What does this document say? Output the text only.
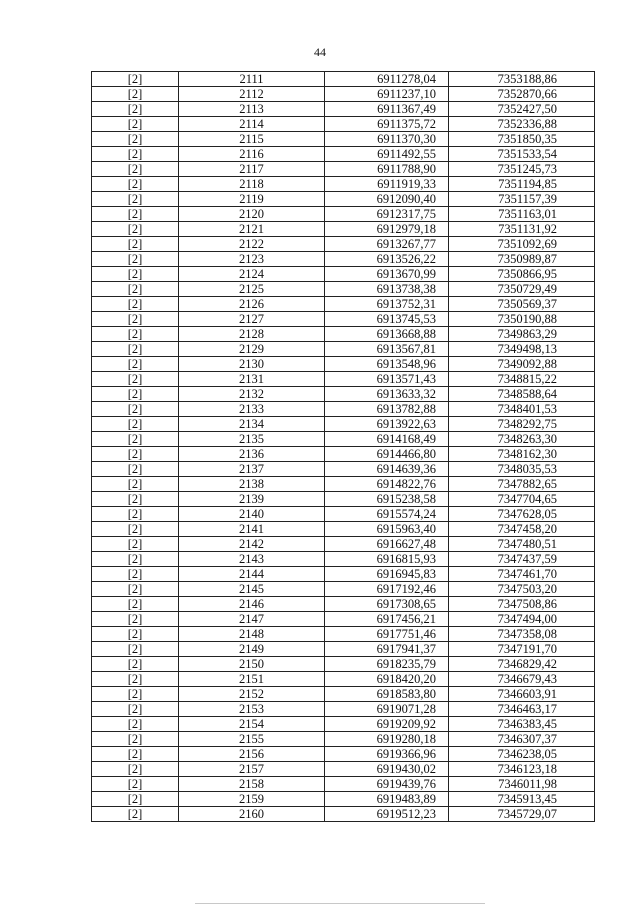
44
[2]	2111	6911278,04	7353188,86
[2]	2112	6911237,10	7352870,66
[2]	2113	6911367,49	7352427,50
[2]	2114	6911375,72	7352336,88
[2]	2115	6911370,30	7351850,35
[2]	2116	6911492,55	7351533,54
[2]	2117	6911788,90	7351245,73
[2]	2118	6911919,33	7351194,85
[2]	2119	6912090,40	7351157,39
[2]	2120	6912317,75	7351163,01
[2]	2121	6912979,18	7351131,92
[2]	2122	6913267,77	7351092,69
[2]	2123	6913526,22	7350989,87
[2]	2124	6913670,99	7350866,95
[2]	2125	6913738,38	7350729,49
[2]	2126	6913752,31	7350569,37
[2]	2127	6913745,53	7350190,88
[2]	2128	6913668,88	7349863,29
[2]	2129	6913567,81	7349498,13
[2]	2130	6913548,96	7349092,88
[2]	2131	6913571,43	7348815,22
[2]	2132	6913633,32	7348588,64
[2]	2133	6913782,88	7348401,53
[2]	2134	6913922,63	7348292,75
[2]	2135	6914168,49	7348263,30
[2]	2136	6914466,80	7348162,30
[2]	2137	6914639,36	7348035,53
[2]	2138	6914822,76	7347882,65
[2]	2139	6915238,58	7347704,65
[2]	2140	6915574,24	7347628,05
[2]	2141	6915963,40	7347458,20
[2]	2142	6916627,48	7347480,51
[2]	2143	6916815,93	7347437,59
[2]	2144	6916945,83	7347461,70
[2]	2145	6917192,46	7347503,20
[2]	2146	6917308,65	7347508,86
[2]	2147	6917456,21	7347494,00
[2]	2148	6917751,46	7347358,08
[2]	2149	6917941,37	7347191,70
[2]	2150	6918235,79	7346829,42
[2]	2151	6918420,20	7346679,43
[2]	2152	6918583,80	7346603,91
[2]	2153	6919071,28	7346463,17
[2]	2154	6919209,92	7346383,45
[2]	2155	6919280,18	7346307,37
[2]	2156	6919366,96	7346238,05
[2]	2157	6919430,02	7346123,18
[2]	2158	6919439,76	7346011,98
[2]	2159	6919483,89	7345913,45
[2]	2160	6919512,23	7345729,07
